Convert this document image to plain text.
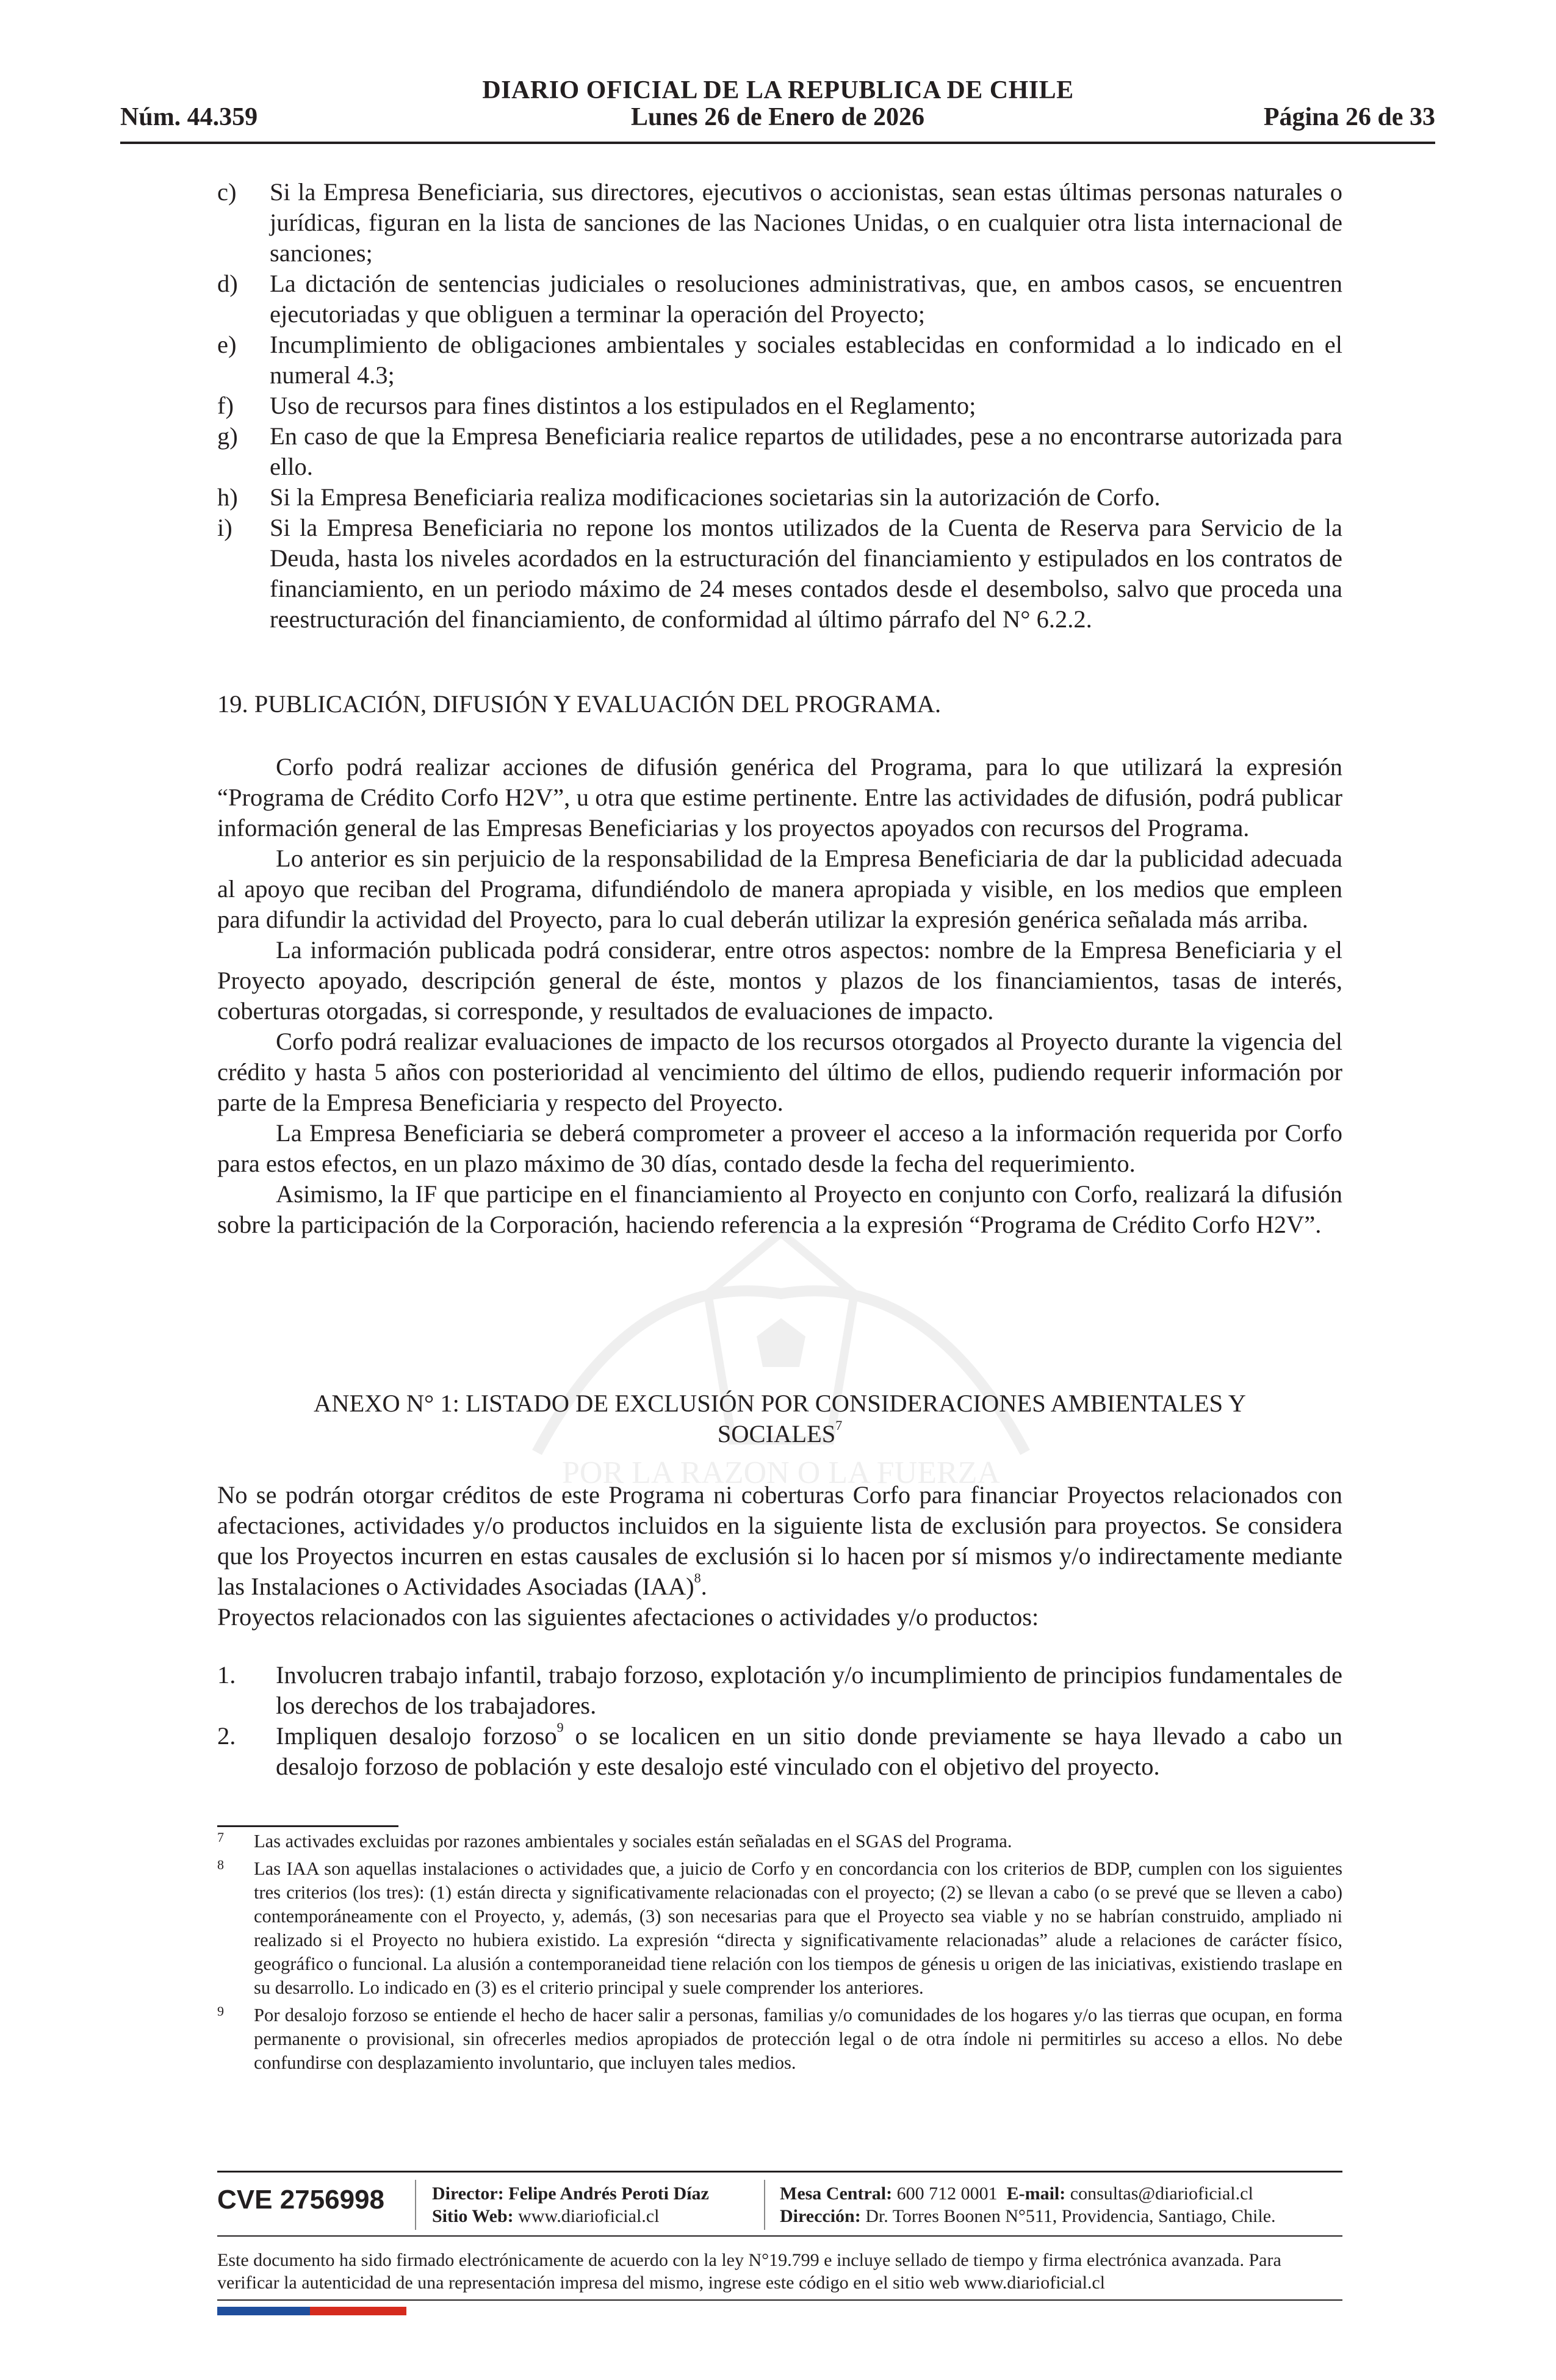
POR LA RAZON O LA FUERZA
DIARIO OFICIAL DE LA REPUBLICA DE CHILE
Lunes 26 de Enero de 2026
Núm. 44.359	Página 26 de 33
c)	Si la Empresa Beneficiaria, sus directores, ejecutivos o accionistas, sean estas últimas personas naturales o jurídicas, figuran en la lista de sanciones de las Naciones Unidas, o en cualquier otra lista internacional de sanciones;
d)	La dictación de sentencias judiciales o resoluciones administrativas, que, en ambos casos, se encuentren ejecutoriadas y que obliguen a terminar la operación del Proyecto;
e)	Incumplimiento de obligaciones ambientales y sociales establecidas en conformidad a lo indicado en el numeral 4.3;
f)	Uso de recursos para fines distintos a los estipulados en el Reglamento;
g)	En caso de que la Empresa Beneficiaria realice repartos de utilidades, pese a no encontrarse autorizada para ello.
h)	Si la Empresa Beneficiaria realiza modificaciones societarias sin la autorización de Corfo.
i)	Si la Empresa Beneficiaria no repone los montos utilizados de la Cuenta de Reserva para Servicio de la Deuda, hasta los niveles acordados en la estructuración del financiamiento y estipulados en los contratos de financiamiento, en un periodo máximo de 24 meses contados desde el desembolso, salvo que proceda una reestructuración del financiamiento, de conformidad al último párrafo del N° 6.2.2.
19. PUBLICACIÓN, DIFUSIÓN Y EVALUACIÓN DEL PROGRAMA.

Corfo podrá realizar acciones de difusión genérica del Programa, para lo que utilizará la expresión “Programa de Crédito Corfo H2V”, u otra que estime pertinente. Entre las actividades de difusión, podrá publicar información general de las Empresas Beneficiarias y los proyectos apoyados con recursos del Programa.

Lo anterior es sin perjuicio de la responsabilidad de la Empresa Beneficiaria de dar la publicidad adecuada al apoyo que reciban del Programa, difundiéndolo de manera apropiada y visible, en los medios que empleen para difundir la actividad del Proyecto, para lo cual deberán utilizar la expresión genérica señalada más arriba.

La información publicada podrá considerar, entre otros aspectos: nombre de la Empresa Beneficiaria y el Proyecto apoyado, descripción general de éste, montos y plazos de los financiamientos, tasas de interés, coberturas otorgadas, si corresponde, y resultados de evaluaciones de impacto.

Corfo podrá realizar evaluaciones de impacto de los recursos otorgados al Proyecto durante la vigencia del crédito y hasta 5 años con posterioridad al vencimiento del último de ellos, pudiendo requerir información por parte de la Empresa Beneficiaria y respecto del Proyecto.

La Empresa Beneficiaria se deberá comprometer a proveer el acceso a la información requerida por Corfo para estos efectos, en un plazo máximo de 30 días, contado desde la fecha del requerimiento.

Asimismo, la IF que participe en el financiamiento al Proyecto en conjunto con Corfo, realizará la difusión sobre la participación de la Corporación, haciendo referencia a la expresión “Programa de Crédito Corfo H2V”.

ANEXO N° 1: LISTADO DE EXCLUSIÓN POR CONSIDERACIONES AMBIENTALES Y
SOCIALES$^7$

No se podrán otorgar créditos de este Programa ni coberturas Corfo para financiar Proyectos relacionados con afectaciones, actividades y/o productos incluidos en la siguiente lista de exclusión para proyectos. Se considera que los Proyectos incurren en estas causales de exclusión si lo hacen por sí mismos y/o indirectamente mediante las Instalaciones o Actividades Asociadas (IAA)$^8$.

Proyectos relacionados con las siguientes afectaciones o actividades y/o productos:

1.	Involucren trabajo infantil, trabajo forzoso, explotación y/o incumplimiento de principios fundamentales de los derechos de los trabajadores.
2.	Impliquen desalojo forzoso$^9$ o se localicen en un sitio donde previamente se haya llevado a cabo un desalojo forzoso de población y este desalojo esté vinculado con el objetivo del proyecto.
7	Las activades excluidas por razones ambientales y sociales están señaladas en el SGAS del Programa.
8	Las IAA son aquellas instalaciones o actividades que, a juicio de Corfo y en concordancia con los criterios de BDP, cumplen con los siguientes tres criterios (los tres): (1) están directa y significativamente relacionadas con el proyecto; (2) se llevan a cabo (o se prevé que se lleven a cabo) contemporáneamente con el Proyecto, y, además, (3) son necesarias para que el Proyecto sea viable y no se habrían construido, ampliado ni realizado si el Proyecto no hubiera existido. La expresión “directa y significativamente relacionadas” alude a relaciones de carácter físico, geográfico o funcional. La alusión a contemporaneidad tiene relación con los tiempos de génesis u origen de las iniciativas, existiendo traslape en su desarrollo. Lo indicado en (3) es el criterio principal y suele comprender los anteriores.
9	Por desalojo forzoso se entiende el hecho de hacer salir a personas, familias y/o comunidades de los hogares y/o las tierras que ocupan, en forma permanente o provisional, sin ofrecerles medios apropiados de protección legal o de otra índole ni permitirles su acceso a ellos. No debe confundirse con desplazamiento involuntario, que incluyen tales medios.
CVE 2756998	Director: Felipe Andrés Peroti Díaz
Sitio Web: www.diarioficial.cl
Mesa Central: 600 712 0001 E-mail: consultas@diarioficial.cl
Dirección: Dr. Torres Boonen N°511, Providencia, Santiago, Chile.
Este documento ha sido firmado electrónicamente de acuerdo con la ley N°19.799 e incluye sellado de tiempo y firma electrónica avanzada. Para verificar la autenticidad de una representación impresa del mismo, ingrese este código en el sitio web www.diarioficial.cl
